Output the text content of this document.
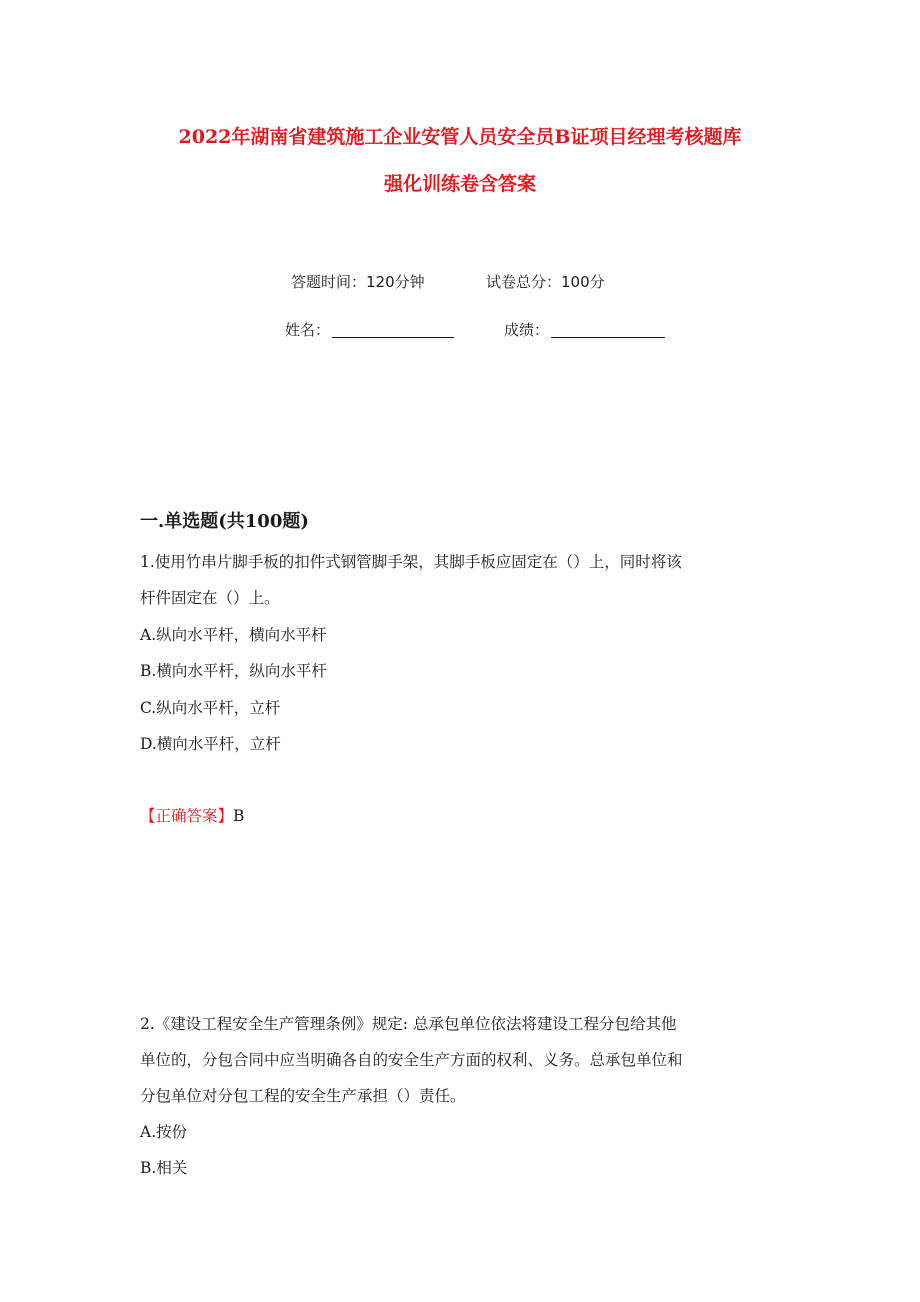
2022年湖南省建筑施工企业安管人员安全员B证项目经理考核题库
强化训练卷含答案
答题时间：120分钟	试卷总分：100分
姓名：	成绩：
一.单选题(共100题)
1.使用竹串片脚手板的扣件式钢管脚手架，其脚手板应固定在（）上，同时将该
杆件固定在（）上。
A.纵向水平杆，横向水平杆
B.横向水平杆，纵向水平杆
C.纵向水平杆，立杆
D.横向水平杆，立杆
【正确答案】B
2.《建设工程安全生产管理条例》规定: 总承包单位依法将建设工程分包给其他
单位的，分包合同中应当明确各自的安全生产方面的权利、义务。总承包单位和
分包单位对分包工程的安全生产承担（）责任。
A.按份
B.相关
